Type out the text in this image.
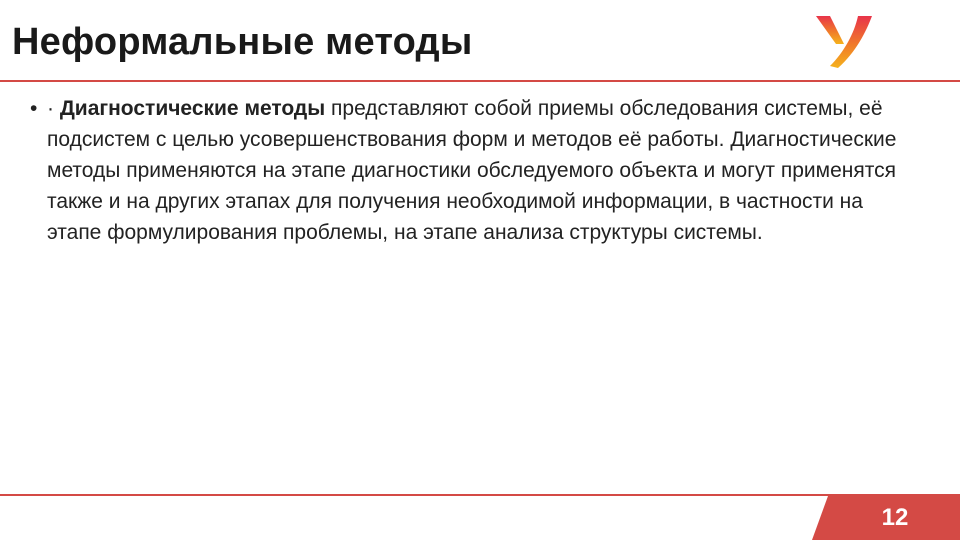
Неформальные методы
• · Диагностические методы представляют собой приемы обследования системы, её подсистем с целью усовершенствования форм и методов её работы. Диагностические методы применяются на этапе диагностики обследуемого объекта и могут применятся также и на других этапах для получения необходимой информации, в частности на этапе формулирования проблемы, на этапе анализа структуры системы.

12
